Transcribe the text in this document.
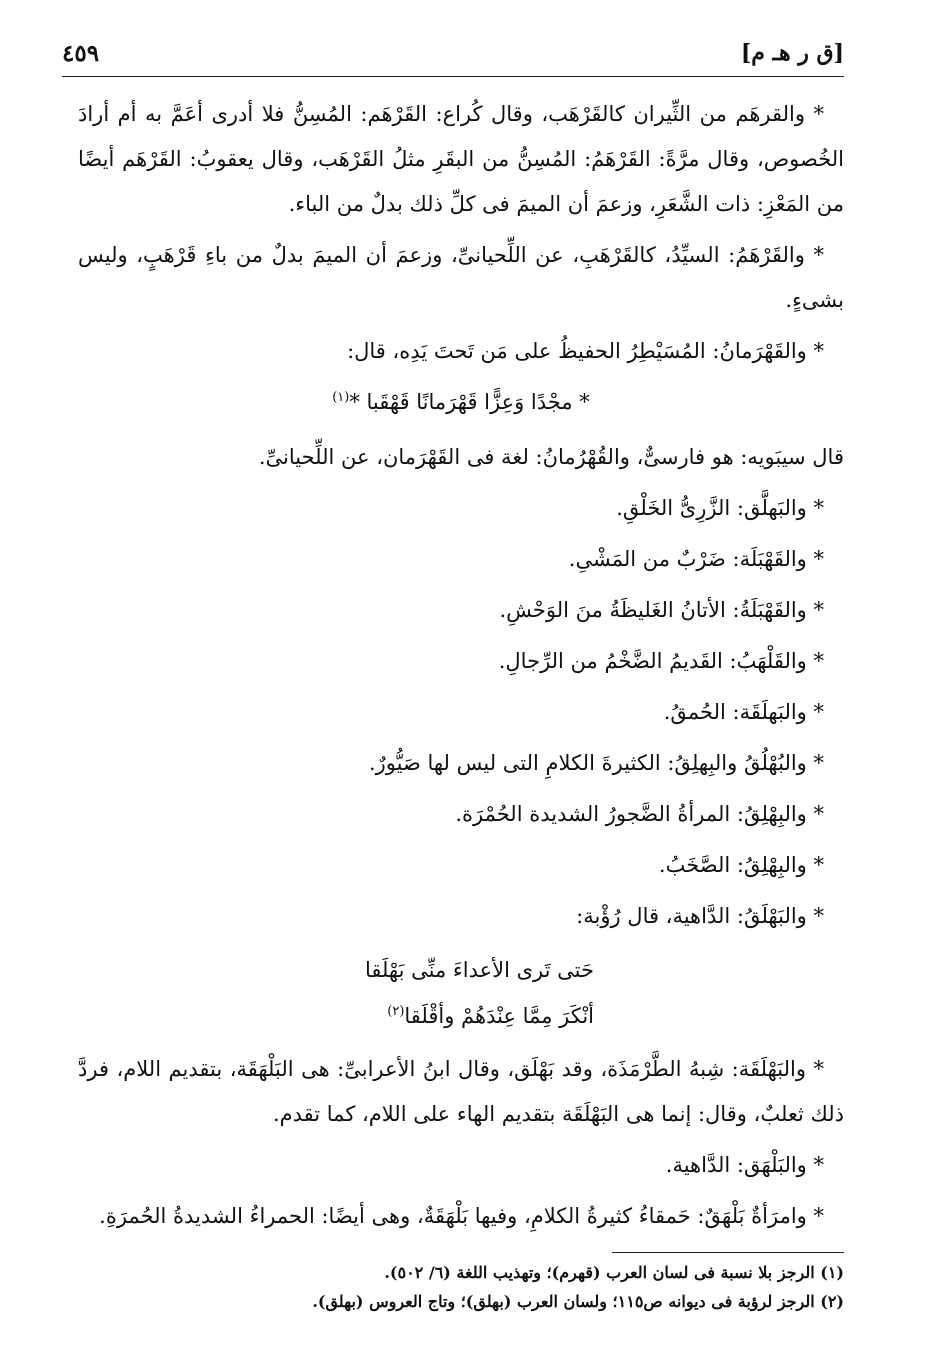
[ق ر هـ م]
٤٥٩

* والقرهَم من الثِّيران كالقَرْهَب، وقال كُراع: القَرْهَم: المُسِنُّ فلا أدرى أعَمَّ به أم أرادَ الخُصوص، وقال مرَّةً: القَرْهَمُ: المُسِنُّ من البقَرِ مثلُ القَرْهَب، وقال يعقوبُ: القَرْهَم أيضًا من المَعْزِ: ذات الشَّعَرِ، وزعمَ أن الميمَ فى كلِّ ذلك بدلٌ من الباء.

* والقَرْهَمُ: السيِّدُ، كالقَرْهَبِ، عن اللِّحيانىِّ، وزعمَ أن الميمَ بدلٌ من باءِ قَرْهَبٍ، وليس بشىءٍ.

* والقَهْرَمانُ: المُسَيْطِرُ الحفيظُ على مَن تَحتَ يَدِه، قال:

* مجْدًا وَعِزًّا قَهْرَمانًا قَهْقَبا *$^{(١)}$

قال سيبَويه: هو فارسىٌّ، والقُهْرُمانُ: لغة فى القَهْرَمان، عن اللِّحيانىِّ.

* والبَهلَّق: الزَّرِىُّ الخَلْقِ.

* والقَهْبَلَة: ضَرْبٌ من المَشْىِ.

* والقَهْبَلَةُ: الأتانُ الغَليظَةُ منَ الوَحْشِ.

* والقَلْهَبُ: القَديمُ الضَّخْمُ من الرِّجالِ.

* والبَهلَقَة: الحُمقُ.

* والبُهْلُقُ والبِهلِقُ: الكثيرةَ الكلامِ التى ليس لها صَيُّورٌ.

* والبِهْلِقُ: المرأةُ الضَّجورُ الشديدة الحُمْرَة.

* والبِهْلِقُ: الصَّخَبُ.

* والبَهْلَقُ: الدَّاهية، قال رُؤْبة:

حَتى تَرى الأعداءَ منِّى بَهْلَقا
أنْكَرَ مِمَّا عِنْدَهُمْ وأقْلَقا$^{(٢)}$

* والبَهْلَقَة: شِبهُ الطَّرْمَذَة، وقد بَهْلَق، وقال ابنُ الأعرابىِّ: هى البَلْهَقَة، بتقديم اللام، فردَّ ذلك ثعلبٌ، وقال: إنما هى البَهْلَقَة بتقديم الهاء على اللام، كما تقدم.

* والبَلْهَق: الدَّاهية.

* وامرَأةٌ بَلْهَقٌ: حَمقاءُ كثيرةُ الكلامِ، وفيها بَلْهَقَةٌ، وهى أيضًا: الحمراءُ الشديدةُ الحُمرَةِ.

(١) الرجز بلا نسبة فى لسان العرب (قهرم)؛ وتهذيب اللغة (٦/ ٥٠٢).
(٢) الرجز لرؤبة فى ديوانه ص١١٥؛ ولسان العرب (بهلق)؛ وتاج العروس (بهلق).
